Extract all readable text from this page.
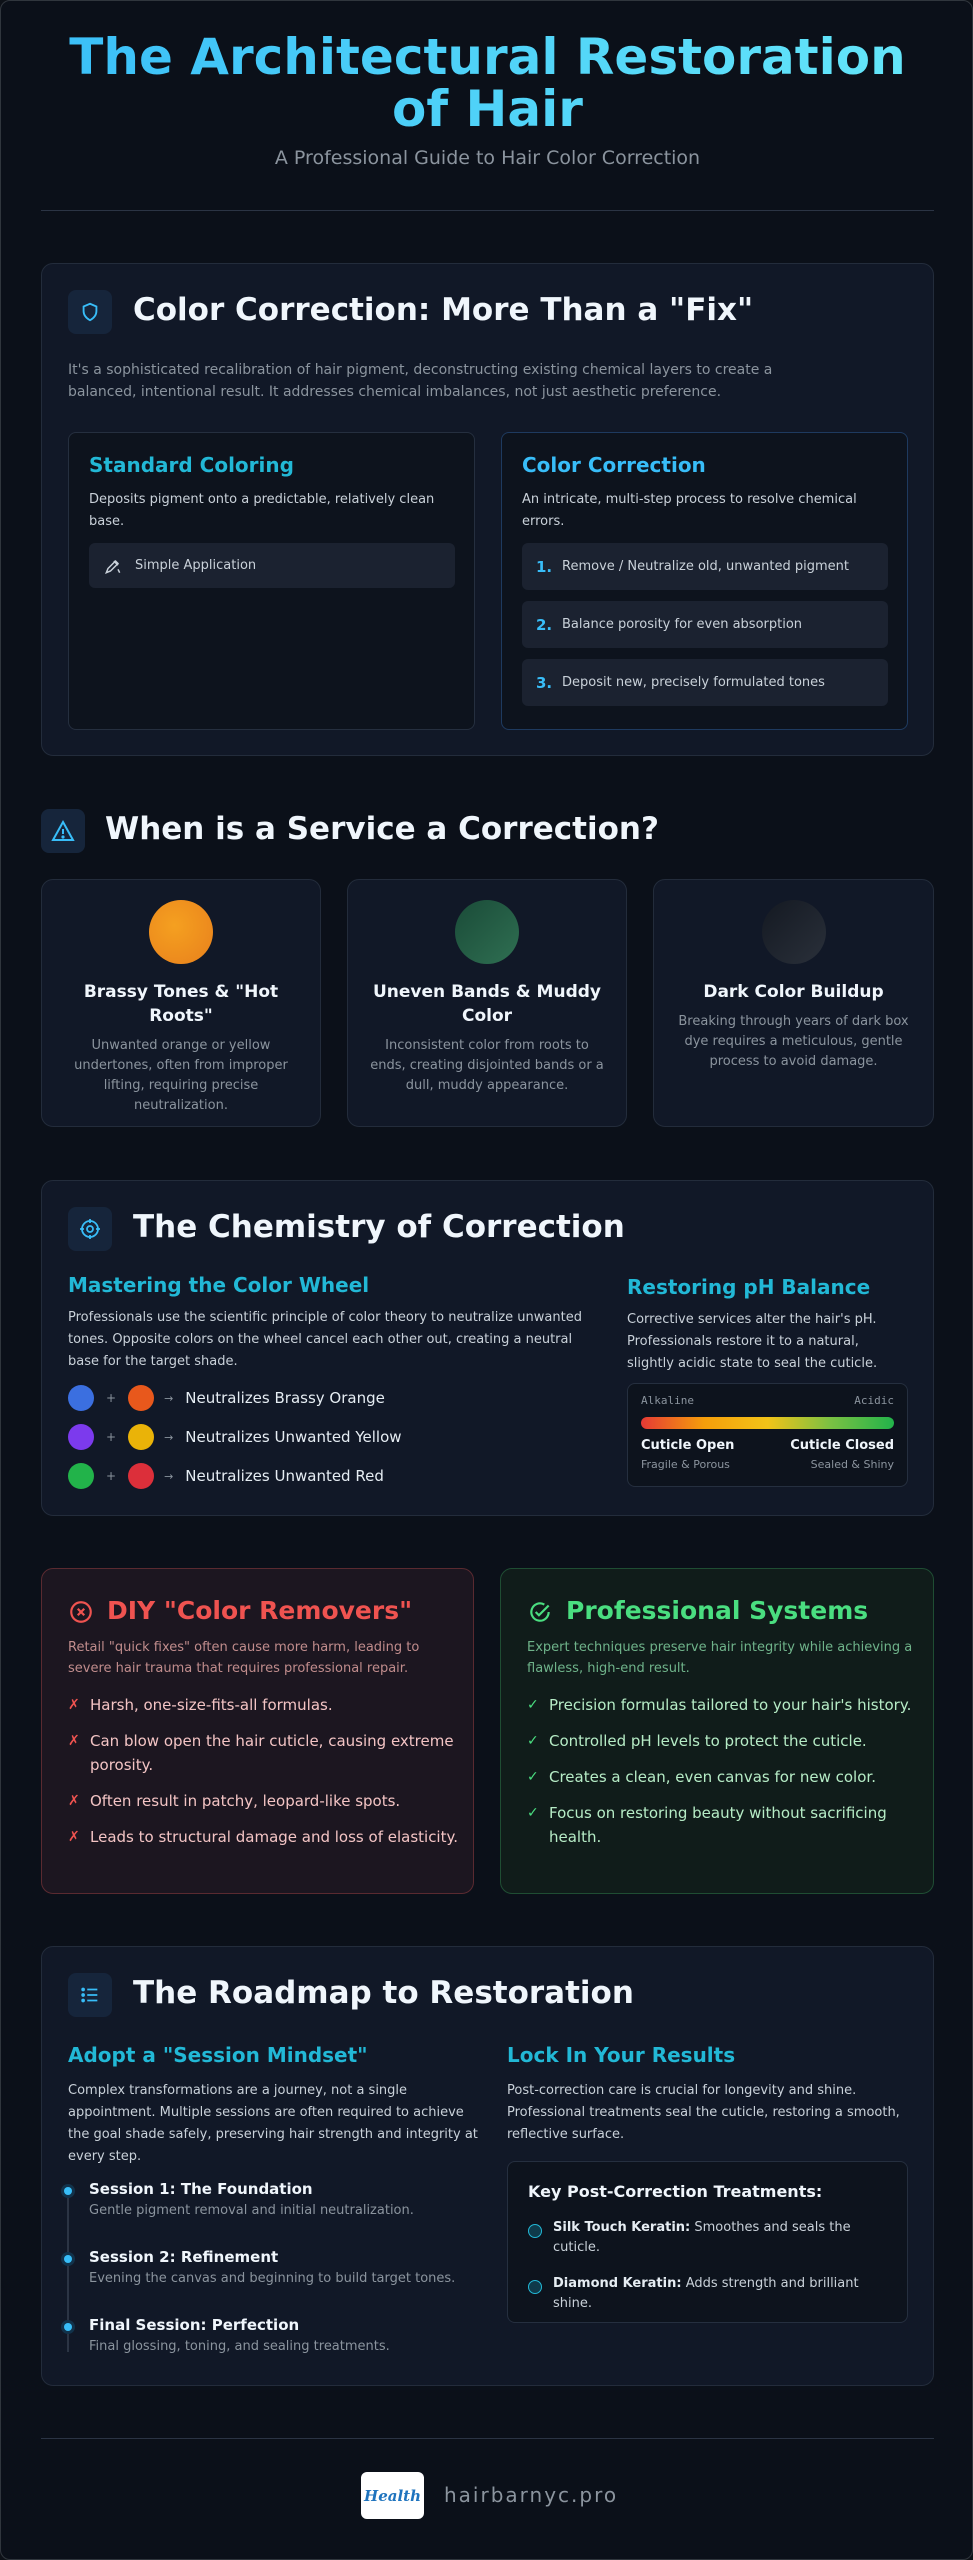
The Architectural Restoration of Hair
A Professional Guide to Hair Color Correction
Color Correction: More Than a "Fix"
It's a sophisticated recalibration of hair pigment, deconstructing existing chemical layers to create a balanced, intentional result. It addresses chemical imbalances, not just aesthetic preference.
Standard Coloring
Deposits pigment onto a predictable, relatively clean base.
Simple Application
Color Correction
An intricate, multi-step process to resolve chemical errors.
1. Remove / Neutralize old, unwanted pigment
2. Balance porosity for even absorption
3. Deposit new, precisely formulated tones
When is a Service a Correction?
Brassy Tones & "Hot Roots"
Unwanted orange or yellow undertones, often from improper lifting, requiring precise neutralization.
Uneven Bands & Muddy Color
Inconsistent color from roots to ends, creating disjointed bands or a dull, muddy appearance.
Dark Color Buildup
Breaking through years of dark box dye requires a meticulous, gentle process to avoid damage.
The Chemistry of Correction
Mastering the Color Wheel
Professionals use the scientific principle of color theory to neutralize unwanted tones. Opposite colors on the wheel cancel each other out, creating a neutral base for the target shade.
+	→ Neutralizes Brassy Orange
+	→ Neutralizes Unwanted Yellow
+	→ Neutralizes Unwanted Red
Restoring pH Balance
Corrective services alter the hair's pH. Professionals restore it to a natural, slightly acidic state to seal the cuticle.
Alkaline	Acidic
Cuticle Open
Fragile & Porous
Cuticle Closed
Sealed & Shiny
DIY "Color Removers"
Retail "quick fixes" often cause more harm, leading to severe hair trauma that requires professional repair.
✗ Harsh, one-size-fits-all formulas.
✗ Can blow open the hair cuticle, causing extreme porosity.
✗ Often result in patchy, leopard-like spots.
✗ Leads to structural damage and loss of elasticity.
Professional Systems
Expert techniques preserve hair integrity while achieving a flawless, high-end result.
✓ Precision formulas tailored to your hair's history.
✓ Controlled pH levels to protect the cuticle.
✓ Creates a clean, even canvas for new color.
✓ Focus on restoring beauty without sacrificing health.
The Roadmap to Restoration
Adopt a "Session Mindset"
Complex transformations are a journey, not a single appointment. Multiple sessions are often required to achieve the goal shade safely, preserving hair strength and integrity at every step.
Session 1: The Foundation
Gentle pigment removal and initial neutralization.
Session 2: Refinement
Evening the canvas and beginning to build target tones.
Final Session: Perfection
Final glossing, toning, and sealing treatments.
Lock In Your Results
Post-correction care is crucial for longevity and shine. Professional treatments seal the cuticle, restoring a smooth, reflective surface.
Key Post-Correction Treatments:
Silk Touch Keratin: Smoothes and seals the cuticle.
Diamond Keratin: Adds strength and brilliant shine.
Health hairbarnyc.pro
